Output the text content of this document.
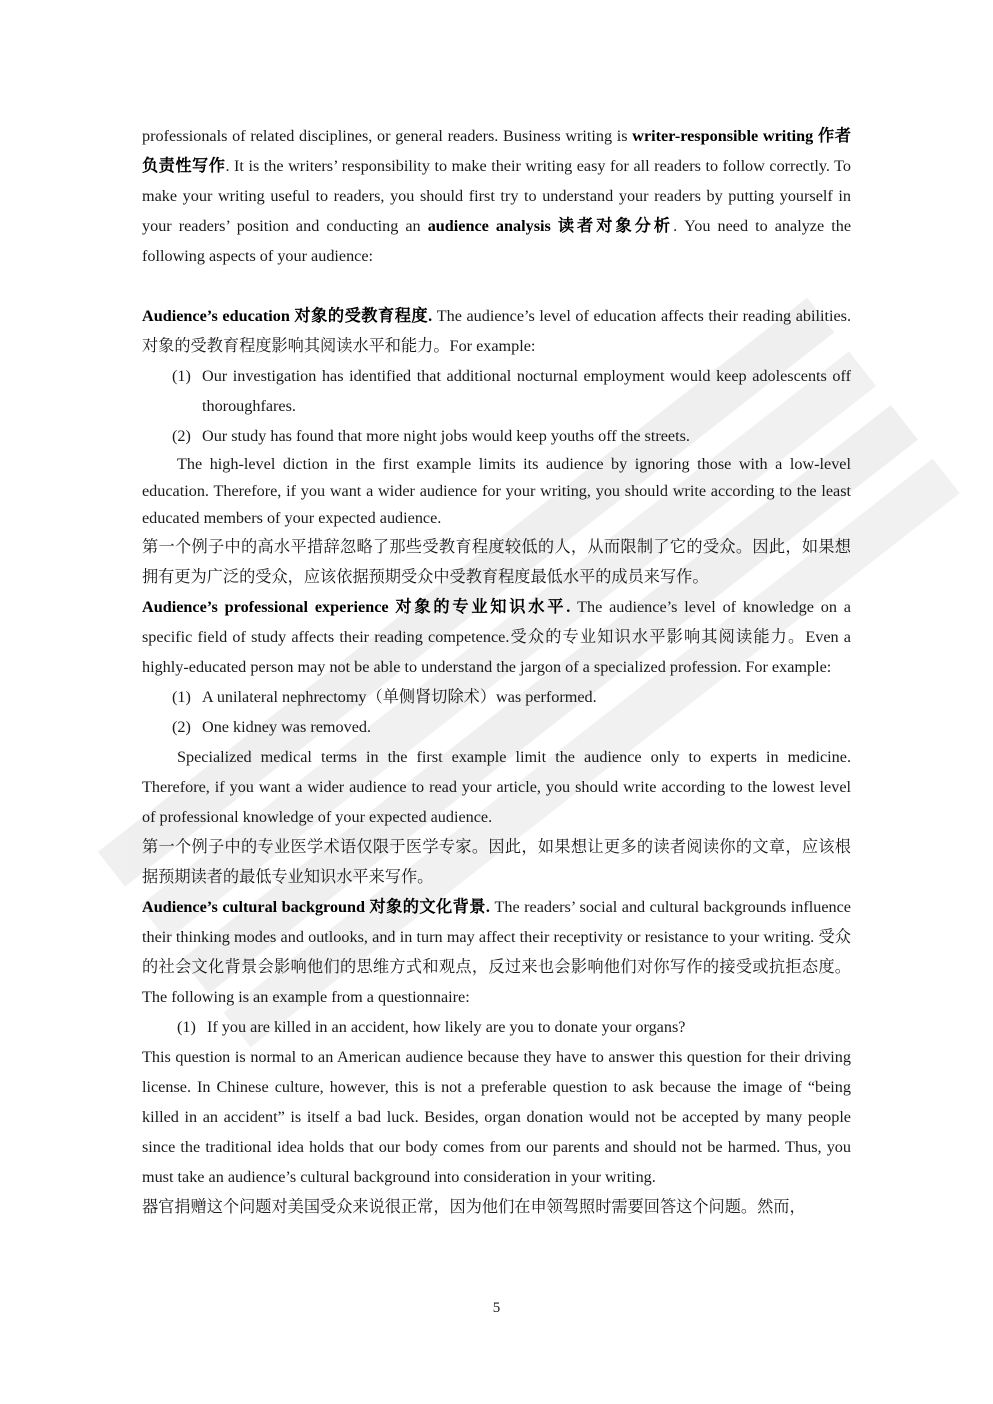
professionals of related disciplines, or general readers. Business writing is writer-responsible writing 作者负责性写作. It is the writers’ responsibility to make their writing easy for all readers to follow correctly. To make your writing useful to readers, you should first try to understand your readers by putting yourself in your readers’ position and conducting an audience analysis 读者对象分析. You need to analyze the following aspects of your audience:

Audience’s education 对象的受教育程度. The audience’s level of education affects their reading abilities. 对象的受教育程度影响其阅读水平和能力。For example:

(1) Our investigation has identified that additional nocturnal employment would keep adolescents off thoroughfares.
(2) Our study has found that more night jobs would keep youths off the streets.

The high-level diction in the first example limits its audience by ignoring those with a low-level education. Therefore, if you want a wider audience for your writing, you should write according to the least educated members of your expected audience.

第一个例子中的高水平措辞忽略了那些受教育程度较低的人，从而限制了它的受众。因此，如果想拥有更为广泛的受众，应该依据预期受众中受教育程度最低水平的成员来写作。

Audience’s professional experience 对象的专业知识水平. The audience’s level of knowledge on a specific field of study affects their reading competence.受众的专业知识水平影响其阅读能力。Even a highly-educated person may not be able to understand the jargon of a specialized profession. For example:

(1) A unilateral nephrectomy（单侧肾切除术）was performed.
(2) One kidney was removed.

Specialized medical terms in the first example limit the audience only to experts in medicine. Therefore, if you want a wider audience to read your article, you should write according to the lowest level of professional knowledge of your expected audience.

第一个例子中的专业医学术语仅限于医学专家。因此，如果想让更多的读者阅读你的文章，应该根据预期读者的最低专业知识水平来写作。

Audience’s cultural background 对象的文化背景. The readers’ social and cultural backgrounds influence their thinking modes and outlooks, and in turn may affect their receptivity or resistance to your writing. 受众的社会文化背景会影响他们的思维方式和观点，反过来也会影响他们对你写作的接受或抗拒态度。The following is an example from a questionnaire:

(1) If you are killed in an accident, how likely are you to donate your organs?

This question is normal to an American audience because they have to answer this question for their driving license. In Chinese culture, however, this is not a preferable question to ask because the image of “being killed in an accident” is itself a bad luck. Besides, organ donation would not be accepted by many people since the traditional idea holds that our body comes from our parents and should not be harmed. Thus, you must take an audience’s cultural background into consideration in your writing.

器官捐赠这个问题对美国受众来说很正常，因为他们在申领驾照时需要回答这个问题。然而，

5
